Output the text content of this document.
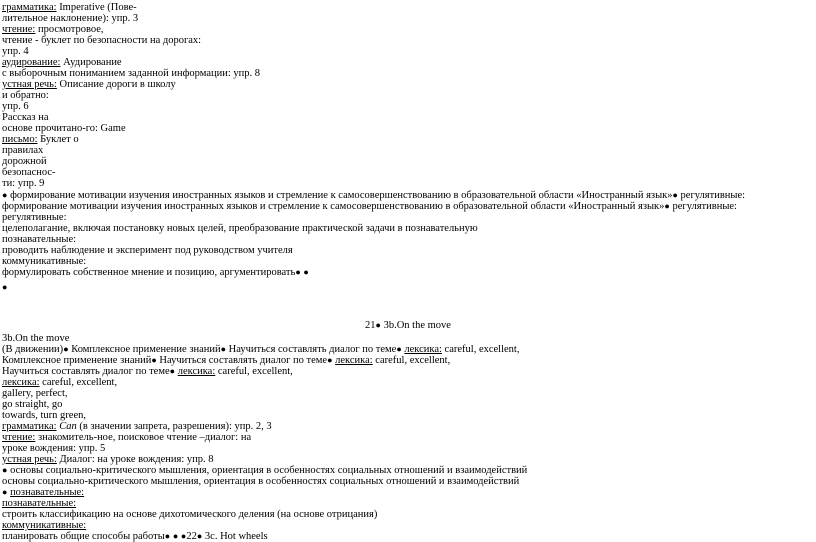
грамматика: Imperative (Пове-
лительное наклонение): упр. 3
чтение: просмотровое,
чтение - буклет по безопасности на дорогах:
упр. 4
аудирование: Аудирование
с выборочным пониманием заданной информации: упр. 8
устная речь: Описание дороги в школу
и обратно:
упр. 6
Рассказ на
основе прочитано-го: Game
письмо: Буклет о
правилах
дорожной
безопаснос-
ти: упр. 9
● формирование мотивации изучения иностранных языков и стремление к самосовершенствованию в образовательной области «Иностранный язык»● регулятивные:
формирование мотивации изучения иностранных языков и стремление к самосовершенствованию в образовательной области «Иностранный язык»● регулятивные:
регулятивные:
целеполагание, включая постановку новых целей, преобразование практической задачи в познавательную
познавательные:
проводить наблюдение и эксперимент под руководством учителя
коммуникативные:
формулировать собственное мнение и позицию, аргументировать● ●
●
21● 3b.On the move
3b.On the move
(В движении)● Комплексное применение знаний● Научиться составлять диалог по теме● лексика: careful, excellent,
Комплексное применение знаний● Научиться составлять диалог по теме● лексика: careful, excellent,
Научиться составлять диалог по теме● лексика: careful, excellent,
лексика: careful, excellent,
gallery, perfect,
go straight, go
towards, turn green,
грамматика: Can (в значении запрета, разрешения): упр. 2, 3
чтение: знакомитель-ное, поисковое чтение –диалог: на
уроке вождения: упр. 5
устная речь: Диалог: на уроке вождения: упр. 8
● основы социально-критического мышления, ориентация в особенностях социальных отношений и взаимодействий
основы социально-критического мышления, ориентация в особенностях социальных отношений и взаимодействий
● познавательные:
познавательные:
строить классификацию на основе дихотомического деления (на основе отрицания)
коммуникативные:
планировать общие способы работы● ● ●22● 3c. Hot wheels
